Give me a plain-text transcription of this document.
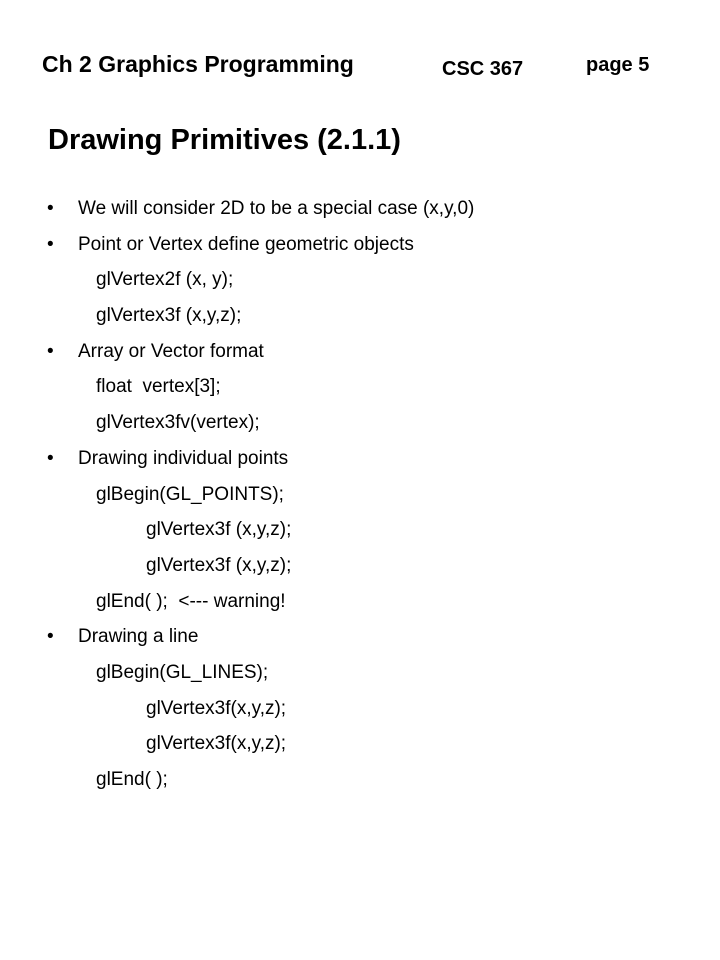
Ch 2 Graphics Programming	CSC 367	page 5
Drawing Primitives (2.1.1)
• We will consider 2D to be a special case (x,y,0)
• Point or Vertex define geometric objects
glVertex2f (x, y);
glVertex3f (x,y,z);
• Array or Vector format
float  vertex[3];
glVertex3fv(vertex);
• Drawing individual points
glBegin(GL_POINTS);
glVertex3f (x,y,z);
glVertex3f (x,y,z);
glEnd( );  <--- warning!
• Drawing a line
glBegin(GL_LINES);
glVertex3f(x,y,z);
glVertex3f(x,y,z);
glEnd( );
